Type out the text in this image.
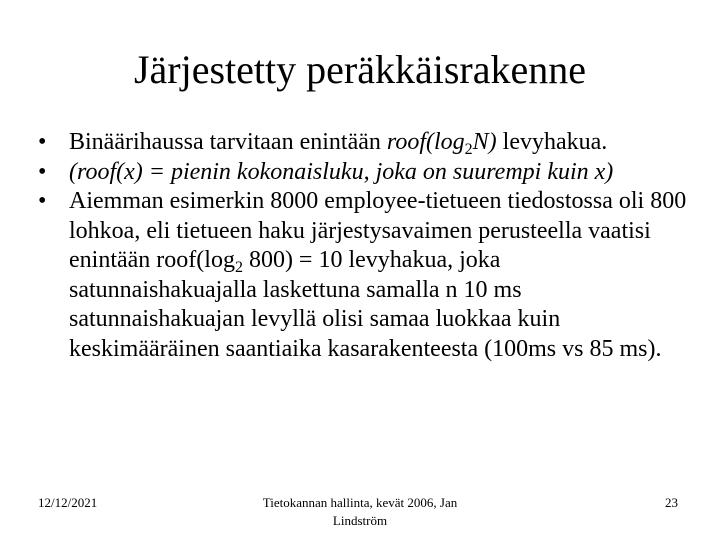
Järjestetty peräkkäisrakenne
• Binäärihaussa tarvitaan enintään $roof(\log_2N)$ levyhakua.
• (roof(x) = pienin kokonaisluku, joka on suurempi kuin x)
• Aiemman esimerkin 8000 employee-tietueen tiedostossa oli 800 lohkoa, eli tietueen haku järjestysavaimen perusteella vaatisi enintään $roof(\log_2$ 800) = 10 levyhakua, joka satunnaishakuajalla laskettuna samalla n 10 ms satunnaishakuajan levyllä olisi samaa luokkaa kuin keskimääräinen saantiaika kasarakenteesta (100ms vs 85 ms).
12/12/2021	Tietokannan hallinta, kevät 2006, Jan Lindström
23
